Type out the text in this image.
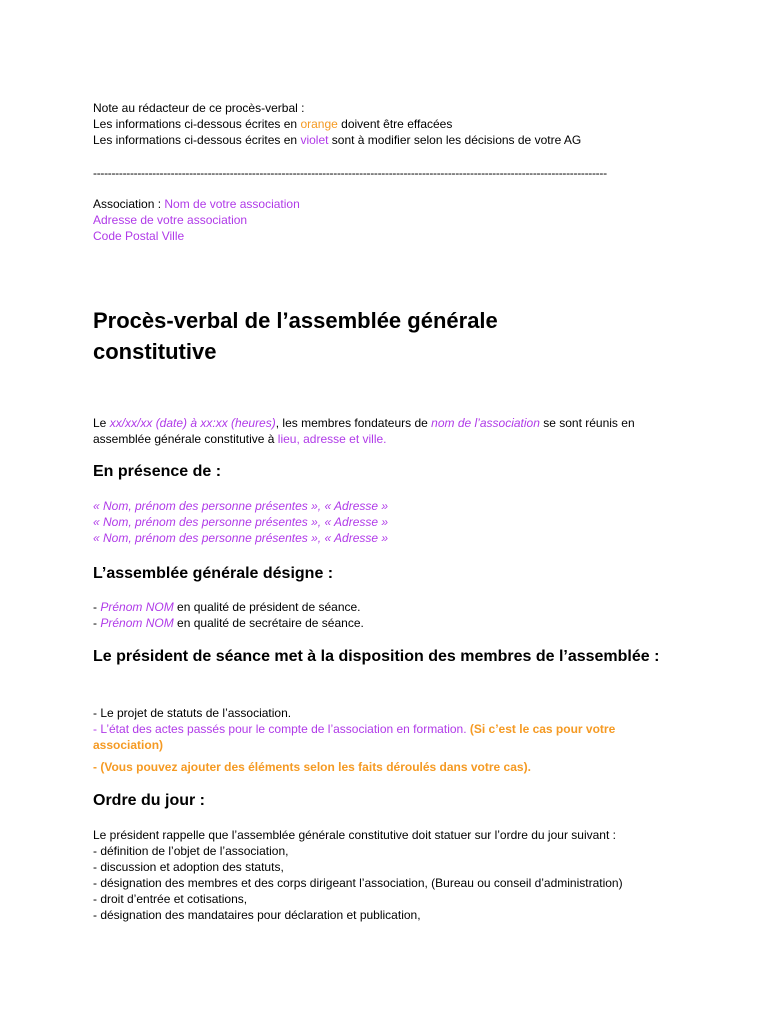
Note au rédacteur de ce procès-verbal :
Les informations ci-dessous écrites en orange doivent être effacées
Les informations ci-dessous écrites en violet sont à modifier selon les décisions de votre AG
-------------------------------------------------------------------------------------------------------------------------------------------
Association : Nom de votre association
Adresse de votre association
Code Postal Ville
Procès-verbal de l’assemblée générale constitutive
Le xx/xx/xx (date) à xx:xx (heures), les membres fondateurs de nom de l’association se sont réunis en assemblée générale constitutive à lieu, adresse et ville.
En présence de :
« Nom, prénom des personne présentes », « Adresse »
« Nom, prénom des personne présentes », « Adresse »
« Nom, prénom des personne présentes », « Adresse »
L’assemblée générale désigne :
- Prénom NOM en qualité de président de séance.
- Prénom NOM en qualité de secrétaire de séance.
Le président de séance met à la disposition des membres de l’assemblée :
- Le projet de statuts de l’association.
- L’état des actes passés pour le compte de l’association en formation. (Si c’est le cas pour votre association)
- (Vous pouvez ajouter des éléments selon les faits déroulés dans votre cas).
Ordre du jour :
Le président rappelle que l’assemblée générale constitutive doit statuer sur l’ordre du jour suivant :
- définition de l’objet de l’association,
- discussion et adoption des statuts,
- désignation des membres et des corps dirigeant l’association, (Bureau ou conseil d’administration)
- droit d’entrée et cotisations,
- désignation des mandataires pour déclaration et publication,
